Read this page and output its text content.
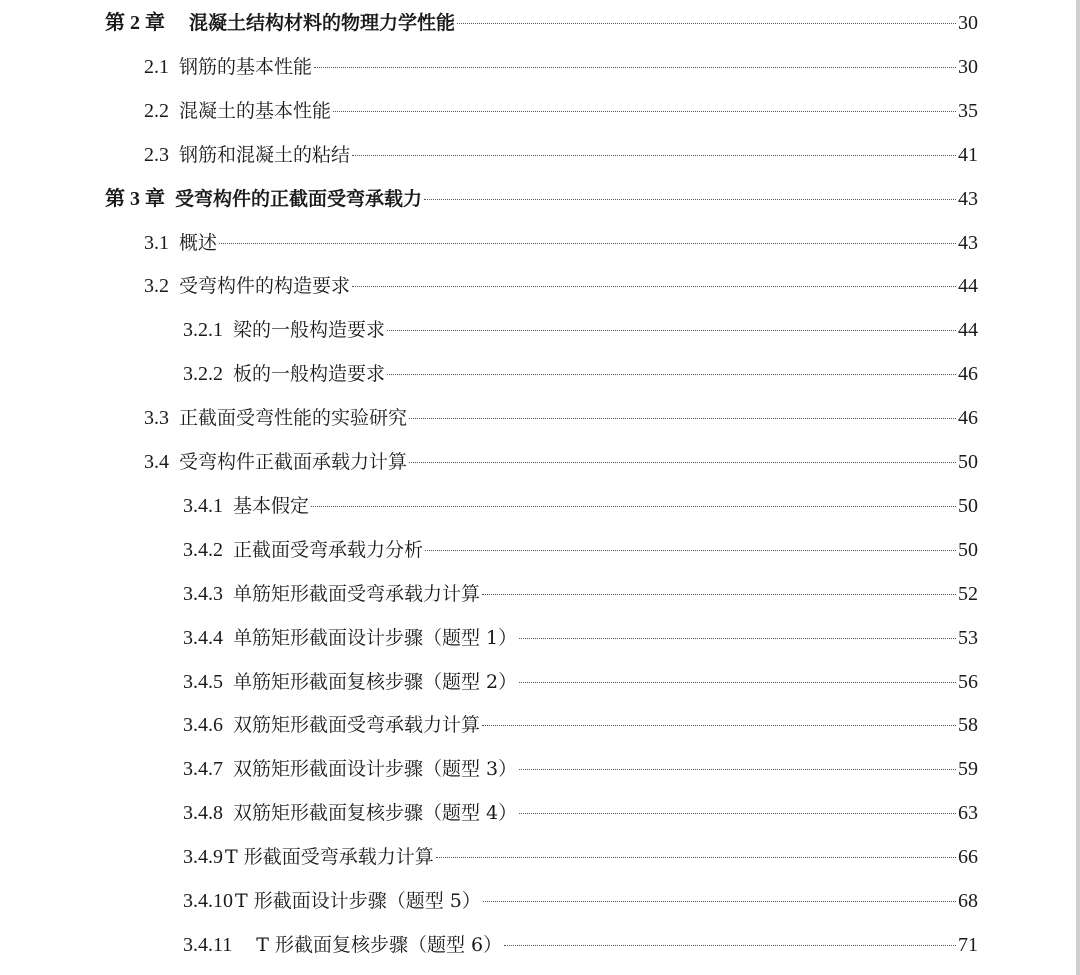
第 2 章 混凝土结构材料的物理力学性能	30
2.1 钢筋的基本性能	30
2.2 混凝土的基本性能	35
2.3 钢筋和混凝土的粘结	41
第 3 章 受弯构件的正截面受弯承载力	43
3.1 概述	43
3.2 受弯构件的构造要求	44
3.2.1 梁的一般构造要求	44
3.2.2 板的一般构造要求	46
3.3 正截面受弯性能的实验研究	46
3.4 受弯构件正截面承载力计算	50
3.4.1 基本假定	50
3.4.2 正截面受弯承载力分析	50
3.4.3 单筋矩形截面受弯承载力计算	52
3.4.4 单筋矩形截面设计步骤（题型 1）	53
3.4.5 单筋矩形截面复核步骤（题型 2）	56
3.4.6 双筋矩形截面受弯承载力计算	58
3.4.7 双筋矩形截面设计步骤（题型 3）	59
3.4.8 双筋矩形截面复核步骤（题型 4）	63
3.4.9 T 形截面受弯承载力计算	66
3.4.10 T 形截面设计步骤（题型 5）	68
3.4.11 T 形截面复核步骤（题型 6）	71
